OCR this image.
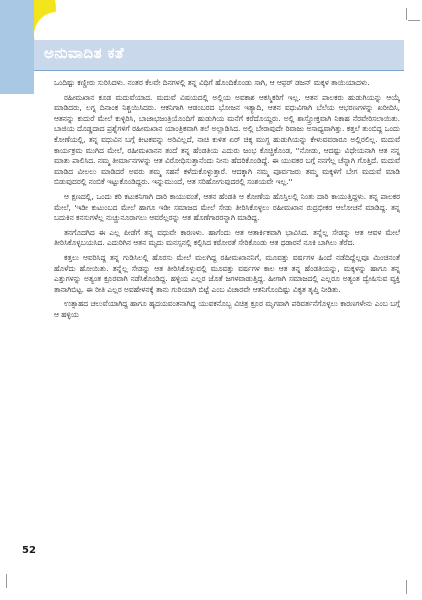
ಅನುವಾದಿತ ಕತೆ

ಒಂದಿಷ್ಟು ಕಣ್ಣೀರು ಸುರಿಸಿದಳು. ನಂತರ ಕೆಲವೇ ದಿನಗಳಲ್ಲಿ ತನ್ನ ವಿಧಿಗೆ ಹೊಂದಿಕೊಂಡು ಸಾಗಿ, ಆ ಆಫ಼ರ್ ಡಜನ್ ಮಕ್ಕಳ ತಾಯಿಯಾದಳು.

ರಹೀಮಖಾನ ಕೂಡ ಮದುವೆಯಾದ. ಮದುವೆ ವಿಷಯದಲ್ಲಿ ಅಲ್ಲಿಯ ಅವಕಾಶ ಆಕಸ್ಮಿಕರಿಗೆ ಇಲ್ಲ. ಆತನ ಪಾಲಕರು ಹುಡುಗಿಯನ್ನು ಆಯ್ಕೆ ಮಾಡಿದರು, ಲಗ್ನ ದಿನಾಂಕ ನಿಶ್ಚಯಿಸಿದರು. ಆಕನಿಗಾಗಿ ಆಡಂಬರದ ಭೋಜನ ಇತ್ಯಾದಿ, ಆತನ ವಧುವಿಗಾಗಿ ಬೆಲೆಯ ಆಭರಣಗಳನ್ನು ಖರೀದಿಸಿ, ಆತನನ್ನು ಕುದುರೆ ಮೇಲೆ ಕುಳ್ಳಿರಿಸಿ, ಬಾಜಾಭಜಂತ್ರಿಯೊಂದಿಗೆ ಹುಡುಗಿಯ ಮನೆಗೆ ಕರೆದೊಯ್ದರು. ಅಲ್ಲಿ ಶಾಸ್ತ್ರೋಕ್ತವಾಗಿ ನಿಕಾಹ ನೆರವೇರಿಸಲಾಯಿತು. ಬಾಜಿಯ ದೊಡ್ಡದಾದ ಪ್ರಶ್ನೆಗಳಿಗೆ ರಹೀಮಖಾನ ಯಾಂತ್ರಿಕವಾಗಿ ತಲೆ ಅಲ್ಲಾಡಿಸಿದ. ಅಲ್ಲಿ ಬೇರಾವುದೇ ರಿವಾಜು ಅಸಾಧ್ಯವಾಗಿತ್ತು. ಕತ್ತಲೆ ತುಂಬಿದ್ದ ಒಂದು ಕೋಣೆಯಲ್ಲಿ, ತನ್ನ ವಧುವಿನ ಬಗ್ಗೆ ಕೀಟಕವನ್ನು ಅರಿವಿಲ್ಲದೆ, ನಾಚಿ ಕುಳಿತ ಏರ್ ಚಿಕ್ಕ ಮುಗ್ಧ ಹುಡುಗಿಯನ್ನು ಕೇಳುವವರಾರೂ ಅಲ್ಲಿರಲಿಲ್ಲ. ಮದುವೆ ಕಾರ್ಯಕ್ರಮ ಮುಗಿದ ಮೇಲೆ, ರಹೀಮಖಾನನ ತಂದೆ ತನ್ನ ಹೆಂಡತಿಯ ಎದುರು ಜಂಭ ಕೊಚ್ಚಿಕೊಂಡ, ''ನೋಡು, ಆದಷ್ಟು ವಿಧೇಯನಾಗಿ ಆತ ನನ್ನ ಮಾತು ಪಾಲಿಸಿದ. ನಮ್ಮ ತೀರ್ಮಾನಗಳನ್ನು ಆತ ವಿರೋಧಿಸುತ್ತಾನೆಂದು ನೀನು ಹೆದರಿಕೊಂಡಿದ್ದೆ. ಈ ಯುವಕರ ಬಗ್ಗೆ ನನಗೆಲ್ಲ ಚೆನ್ನಾಗಿ ಗೊತ್ತಿದೆ. ಮದುವೆ ಮಾಡಿದ ವೀಲಲು ಮಾಡಿದರೆ ಅವರು ತಮ್ಮ ಸಹನೆ ಕಳೆದುಕೊಳ್ಳುತ್ತಾರೆ. ಆದಕ್ಕಾಗಿ ನಮ್ಮ ಪೂರ್ವಜರು ತಮ್ಮ ಮಕ್ಕಳಿಗೆ ಬೇಗ ಮದುವೆ ಮಾಡಿ ಬಿಡುವುದರಲ್ಲಿ ನಂಬಿಕೆ ಇಟ್ಟುಕೊಂಡಿದ್ದರು. ಇನ್ನುಮುಂದೆ, ಆತ ಸರಿಹೋಗುವುದರಲ್ಲಿ ಸಂಶಯವೇ ಇಲ್ಲ.''

ಆ ಕ್ಷಣದಲ್ಲಿ, ಒಂದು ಕರಿ ಕಟುಕನಿಗಾಗಿ ದಾರಿ ಕಾಯುವಂತೆ, ಆತನ ಹೆಂಡತಿ ಆ ಕೋಣೆಯ ಹೊಸ್ತಿಲಲ್ಲಿ ನಿಂತು ದಾರಿ ಕಾಯುತ್ತಿದ್ದಳು. ತನ್ನ ಪಾಲಕರ ಮೇಲೆ, 'ಇಡೀ ಕುಟುಂಬದ ಮೇಲೆ ಹಾಗೂ ಇಡೀ ಸಮಾಜದ ಮೇಲೆ ಸೇಡು ತೀರಿಸಿಕೊಳ್ಳಲು ರಹೀಮಖಾನ ರುದ್ರಭೀಕರ ಆಲೋಚನೆ ಮಾಡಿದ್ದ. ತನ್ನ ಬದುಕಿನ ಕನಸುಗಳೆಲ್ಲ ನುಚ್ಚುನೂರಾಗಲು ಆವರೆಲ್ಲರನ್ನು ಆತ ಹೊಣೆಗಾರರನ್ನಾಗಿ ಮಾಡಿದ್ದ.

ತನಗೊದಗಿದ ಈ ಎಲ್ಲ ಪೀಡೆಗೆ ತನ್ನ ವಧುವೇ ಕಾರಣಳು. ಹಾಗೆಂದು ಆತ ಆತಾರ್ಕಿಕವಾಗಿ ಭಾವಿಸಿದ. ತನ್ನೆಲ್ಲ ಸೇಡನ್ನು ಆತ ಆವಳ ಮೇಲೆ ತೀರಿಸಿಕೊಳ್ಳಬಯಸಿದ. ಎದುರಿಗಿನ ಆತನ ಮೃದು ಮನಸ್ಸನಲ್ಲಿ ಕಲ್ಪಿಸಿದ ಕಠೋರತೆ ಸೇರಿಕೊಂಡು ಆತ ಧಡಾರನೆ ನೂಕಿ ಬಾಗಿಲು ತೆರೆದ.

ಕತ್ತಲು ಆವರಿಸಿದ್ದ ತನ್ನ ಗುಡಿಸಿಲಲ್ಲಿ ಹೊರಸು ಮೇಲೆ ಮಲಗಿದ್ದ ರಹೀಮಖಾನನಿಗೆ, ಮೂವತ್ತು ವರ್ಷಗಳ ಹಿಂದೆ ನಡೆದಿದ್ದೆಲ್ಲವೂ ಮಿಂಚಿನಂತೆ ಹೊಳೆದು ಹೋಯಿತು. ತನ್ನೆಲ್ಲ ಸೇಡನ್ನು ಆತ ತೀರಿಸಿಕೊಳ್ಳುವಲ್ಲಿ ಮೂವತ್ತು ವರ್ಷಗಳ ಕಾಲ ಆತ ತನ್ನ ಹೆಂಡತಿಯನ್ನು, ಮಕ್ಕಳನ್ನು ಹಾಗೂ ತನ್ನ ಎತ್ತುಗಳನ್ನು ಅತ್ಯಂತ ಕ್ರೂರವಾಗಿ ನಡೆಸಿಕೊಂಡಿದ್ದ. ಹಳ್ಳಿಯ ಎಲ್ಲರ ಜೊತೆ ಜಗಳವಾಡುತ್ತಿದ್ದ. ಹೀಗಾಗಿ ಸಮಾಜದಲ್ಲಿ ಎಲ್ಲರೂ ಅತ್ಯಂತ ದ್ವೇಷಿಸುವ ವ್ಯಕ್ತಿ ತಾನಾಗಿಬಿಟ್ಟ. ಈ ರೀತಿ ಎಲ್ಲರ ಅವಹೇಳನಕ್ಕೆ ತಾನು ಗುರಿಯಾಗಿ ಬಿಟ್ಟೆ ಎಂಬ ವಿಚಾರವೇ ಆತನಿಗೊಂದಿಷ್ಟು ವಿಕೃತ ತೃಪ್ತಿ ನೀಡಿತು.

ಉತ್ಸಾಹದ ಚಲುವೆಯಾಗಿದ್ದ ಹಾಗೂ ಹೃದಯವಂತನಾಗಿದ್ದ ಯುವಕನೊಬ್ಬ ವಿಚಿತ್ರ ಕ್ರೂರ ಮೃಗವಾಗಿ ಪರಿವರ್ತನೆಗೊಳ್ಳಲು ಕಾರಣಗಳೇನು ಎಂಬ ಬಗ್ಗೆ ಆ ಹಳ್ಳಿಯ

52
